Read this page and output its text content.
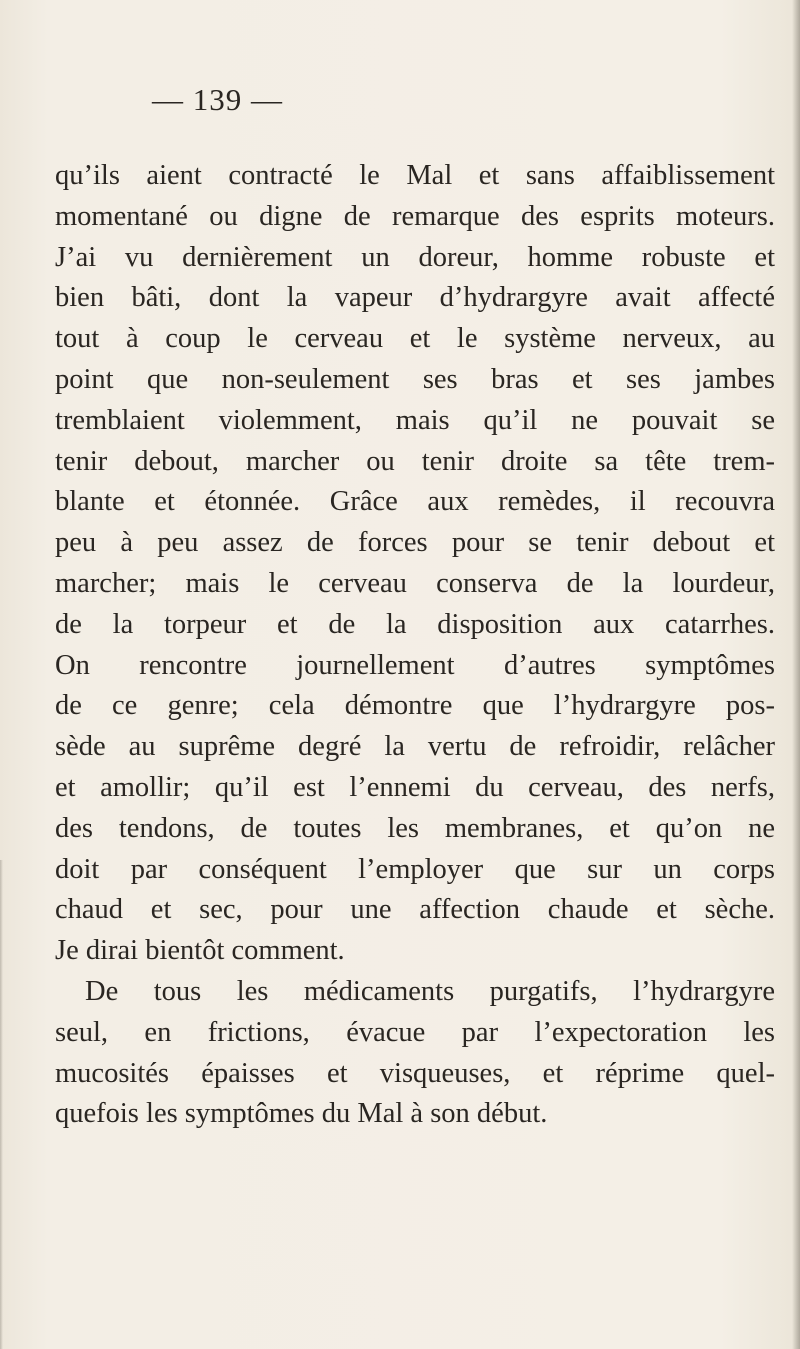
— 139 —
qu’ils aient contracté le Mal et sans affaiblissement
momentané ou digne de remarque des esprits moteurs.
J’ai vu dernièrement un doreur, homme robuste et
bien bâti, dont la vapeur d’hydrargyre avait affecté
tout à coup le cerveau et le système nerveux, au
point que non-seulement ses bras et ses jambes
tremblaient violemment, mais qu’il ne pouvait se
tenir debout, marcher ou tenir droite sa tête trem-
blante et étonnée. Grâce aux remèdes, il recouvra
peu à peu assez de forces pour se tenir debout et
marcher; mais le cerveau conserva de la lourdeur,
de la torpeur et de la disposition aux catarrhes.
On rencontre journellement d’autres symptômes
de ce genre; cela démontre que l’hydrargyre pos-
sède au suprême degré la vertu de refroidir, relâcher
et amollir; qu’il est l’ennemi du cerveau, des nerfs,
des tendons, de toutes les membranes, et qu’on ne
doit par conséquent l’employer que sur un corps
chaud et sec, pour une affection chaude et sèche.
Je dirai bientôt comment.
De tous les médicaments purgatifs, l’hydrargyre
seul, en frictions, évacue par l’expectoration les
mucosités épaisses et visqueuses, et réprime quel-
quefois les symptômes du Mal à son début.
